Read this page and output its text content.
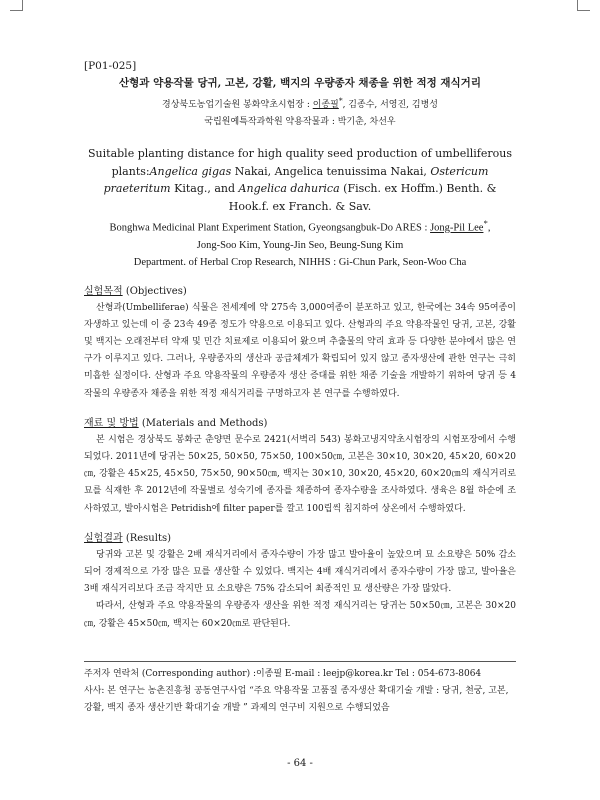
[P01-025]
산형과 약용작물 당귀, 고본, 강활, 백지의 우량종자 채종을 위한 적정 재식거리
경상북도농업기술원 봉화약초시험장 : 이종필*, 김종수, 서영진, 김병성
국립원예특작과학원 약용작물과 : 박기춘, 차선우
Suitable planting distance for high quality seed production of umbelliferous
plants:Angelica gigas Nakai, Angelica tenuissima Nakai, Ostericum praeteritum Kitag., and Angelica dahurica (Fisch. ex Hoffm.) Benth. & Hook.f. ex Franch. & Sav.
Bonghwa Medicinal Plant Experiment Station, Gyeongsangbuk-Do ARES : Jong-Pil Lee*,
Jong-Soo Kim, Young-Jin Seo, Beung-Sung Kim
Department. of Herbal Crop Research, NIHHS : Gi-Chun Park, Seon-Woo Cha
실험목적 (Objectives)

산형과(Umbelliferae) 식물은 전세계에 약 275속 3,000여종이 분포하고 있고, 한국에는 34속 95여종이 자생하고 있는데 이 중 23속 49종 정도가 약용으로 이용되고 있다. 산형과의 주요 약용작물인 당귀, 고본, 강활 및 백지는 오래전부터 약재 및 민간 치료제로 이용되어 왔으며 추출물의 약리 효과 등 다양한 분야에서 많은 연구가 이루지고 있다. 그러나, 우량종자의 생산과 공급체계가 확립되어 있지 않고 종자생산에 관한 연구는 극히 미흡한 실정이다. 산형과 주요 약용작물의 우량종자 생산 증대를 위한 채종 기술을 개발하기 위하여 당귀 등 4작물의 우량종자 채종을 위한 적정 재식거리를 구명하고자 본 연구를 수행하였다.

재료 및 방법 (Materials and Methods)

본 시험은 경상북도 봉화군 춘양면 문수로 2421(서벽리 543) 봉화고냉지약초시험장의 시험포장에서 수행되었다. 2011년에 당귀는 50×25, 50×50, 75×50, 100×50㎝, 고본은 30×10, 30×20, 45×20, 60×20㎝, 강활은 45×25, 45×50, 75×50, 90×50㎝, 백지는 30×10, 30×20, 45×20, 60×20㎝의 재식거리로 묘를 식재한 후 2012년에 작물별로 성숙기에 종자를 채종하여 종자수량을 조사하였다. 생육은 8월 하순에 조사하였고, 발아시험은 Petridish에 filter paper를 깔고 100립씩 침지하여 상온에서 수행하였다.

실험결과 (Results)

당귀와 고본 및 강활은 2배 재식거리에서 종자수량이 가장 많고 발아율이 높았으며 묘 소요량은 50% 감소되어 경제적으로 가장 많은 묘를 생산할 수 있었다. 백지는 4배 재식거리에서 종자수량이 가장 많고, 발아율은 3배 재식거리보다 조금 작지만 묘 소요량은 75% 감소되어 최종적인 묘 생산량은 가장 많았다.

따라서, 산형과 주요 약용작물의 우량종자 생산을 위한 적정 재식거리는 당귀는 50×50㎝, 고본은 30×20㎝, 강활은 45×50㎝, 백지는 60×20㎝로 판단된다.

주저자 연락처 (Corresponding author) :이종필 E-mail : leejp@korea.kr Tel : 054-673-8064
사사: 본 연구는 농촌진흥청 공동연구사업 “주요 약용작물 고품질 종자생산 확대기술 개발 : 당귀, 천궁, 고본, 강활, 백지 종자 생산기반 확대기술 개발 ” 과제의 연구비 지원으로 수행되었음
- 64 -
